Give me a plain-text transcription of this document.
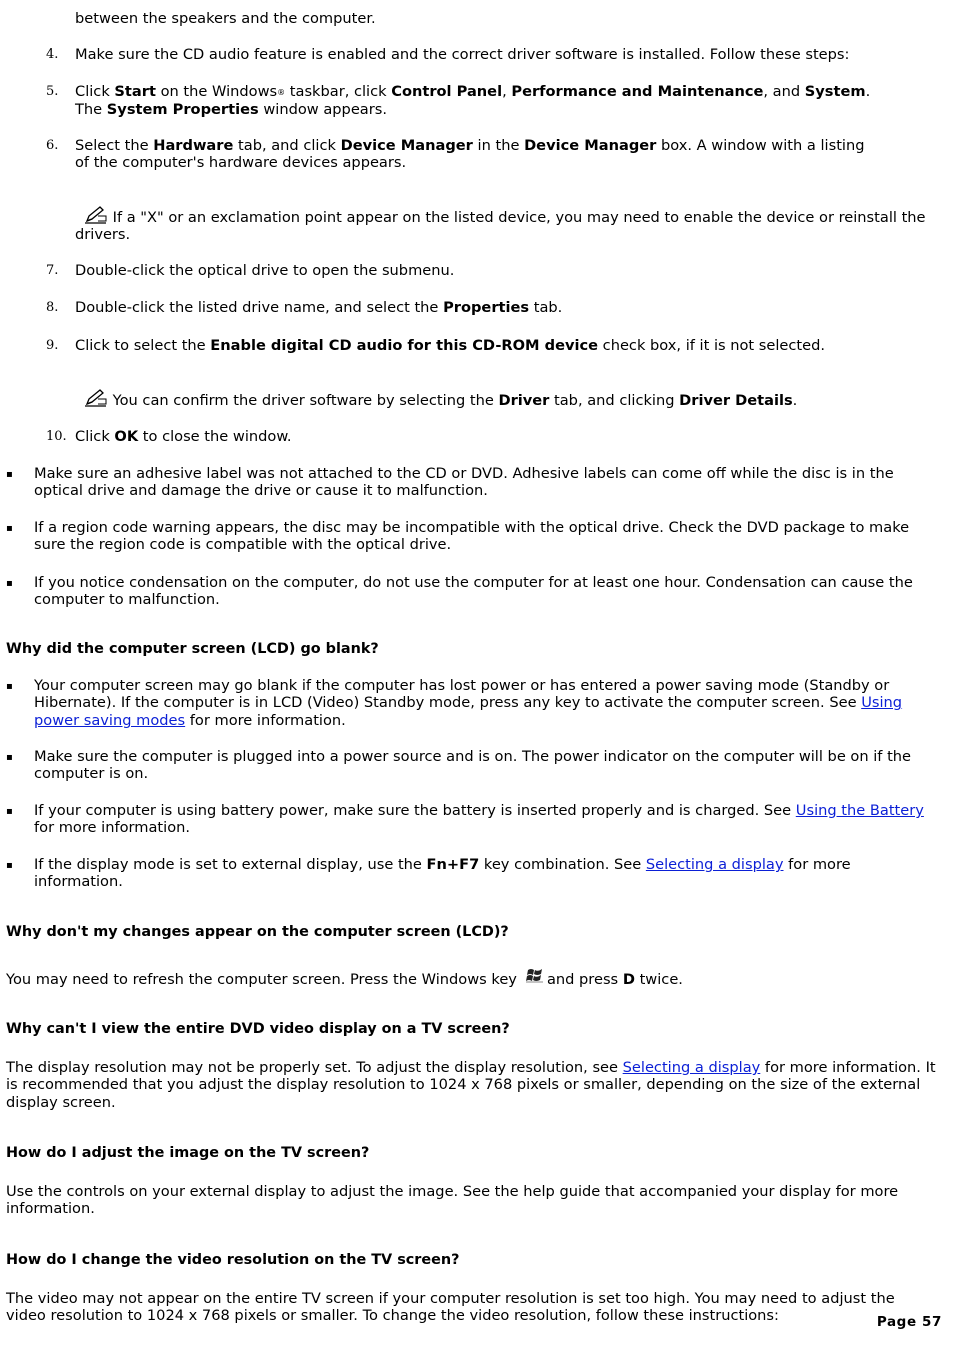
between the speakers and the computer.
4. Make sure the CD audio feature is enabled and the correct driver software is installed. Follow these steps:
5. Click Start on the Windows® taskbar, click Control Panel, Performance and Maintenance, and System.
The System Properties window appears.
6. Select the Hardware tab, and click Device Manager in the Device Manager box. A window with a listing
of the computer's hardware devices appears.
If a "X" or an exclamation point appear on the listed device, you may need to enable the device or reinstall the drivers.
7. Double-click the optical drive to open the submenu.
8. Double-click the listed drive name, and select the Properties tab.
9. Click to select the Enable digital CD audio for this CD-ROM device check box, if it is not selected.
You can confirm the driver software by selecting the Driver tab, and clicking Driver Details.
10. Click OK to close the window.
▪ Make sure an adhesive label was not attached to the CD or DVD. Adhesive labels can come off while the disc is in the optical drive and damage the drive or cause it to malfunction.
▪ If a region code warning appears, the disc may be incompatible with the optical drive. Check the DVD package to make sure the region code is compatible with the optical drive.
▪ If you notice condensation on the computer, do not use the computer for at least one hour. Condensation can cause the computer to malfunction.
Why did the computer screen (LCD) go blank?
▪ Your computer screen may go blank if the computer has lost power or has entered a power saving mode (Standby or Hibernate). If the computer is in LCD (Video) Standby mode, press any key to activate the computer screen. See Using power saving modes for more information.
▪ Make sure the computer is plugged into a power source and is on. The power indicator on the computer will be on if the computer is on.
▪ If your computer is using battery power, make sure the battery is inserted properly and is charged. See Using the Battery for more information.
▪ If the display mode is set to external display, use the Fn+F7 key combination. See Selecting a display for more information.
Why don't my changes appear on the computer screen (LCD)?
You may need to refresh the computer screen. Press the Windows key and press D twice.
Why can't I view the entire DVD video display on a TV screen?
The display resolution may not be properly set. To adjust the display resolution, see Selecting a display for more information. It is recommended that you adjust the display resolution to 1024 x 768 pixels or smaller, depending on the size of the external display screen.
How do I adjust the image on the TV screen?
Use the controls on your external display to adjust the image. See the help guide that accompanied your display for more information.
How do I change the video resolution on the TV screen?
The video may not appear on the entire TV screen if your computer resolution is set too high. You may need to adjust the video resolution to 1024 x 768 pixels or smaller. To change the video resolution, follow these instructions:	Page 57
